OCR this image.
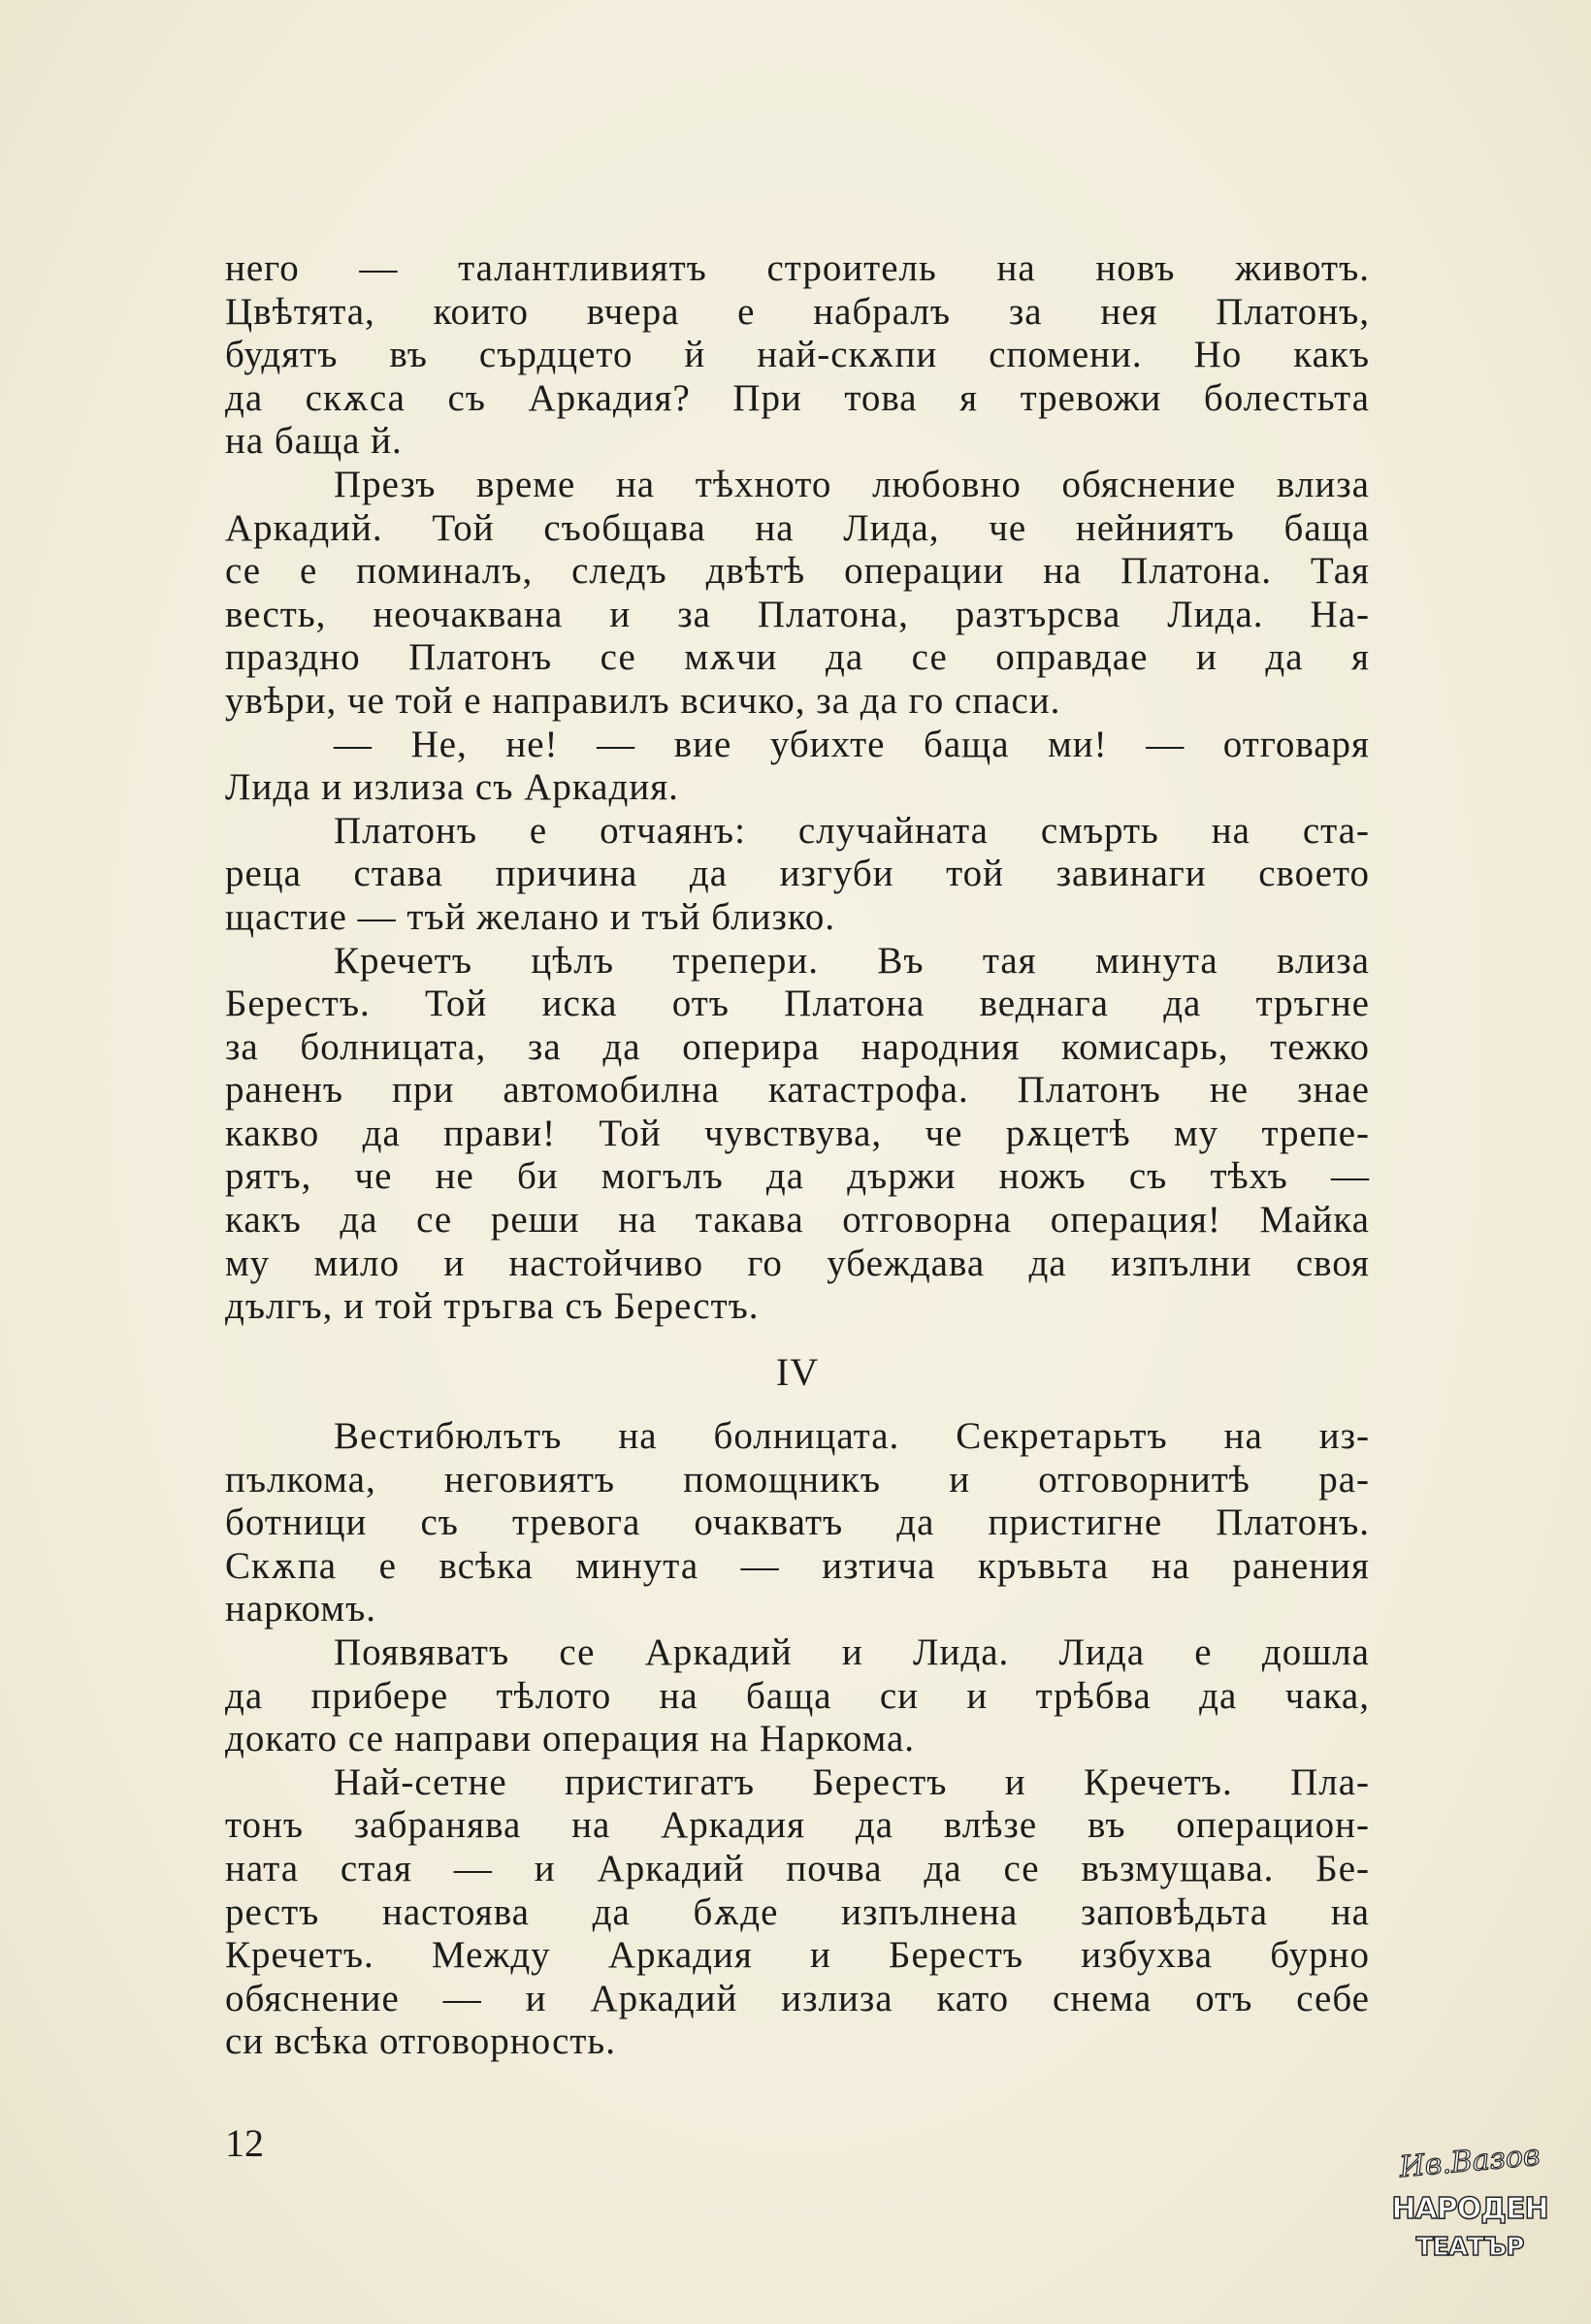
него — талантливиятъ строитель на новъ животъ.
Цвѣтята, които вчера е набралъ за нея Платонъ,
будятъ въ сърдцето й най-скѫпи спомени. Но какъ
да скѫса съ Аркадия? При това я тревожи болестьта
на баща й.
Презъ време на тѣхното любовно обяснение влиза
Аркадий. Той съобщава на Лида, че нейниятъ баща
се е поминалъ, следъ двѣтѣ операции на Платона. Тая
весть, неочаквана и за Платона, разтърсва Лида. На-
праздно Платонъ се мѫчи да се оправдае и да я
увѣри, че той е направилъ всичко, за да го спаси.
— Не, не! — вие убихте баща ми! — отговаря
Лида и излиза съ Аркадия.
Платонъ е отчаянъ: случайната смърть на ста-
реца става причина да изгуби той завинаги своето
щастие — тъй желано и тъй близко.
Кречетъ цѣлъ трепери. Въ тая минута влиза
Берестъ. Той иска отъ Платона веднага да тръгне
за болницата, за да оперира народния комисарь, тежко
раненъ при автомобилна катастрофа. Платонъ не знае
какво да прави! Той чувствува, че рѫцетѣ му трепе-
рятъ, че не би могълъ да държи ножъ съ тѣхъ —
какъ да се реши на такава отговорна операция! Майка
му мило и настойчиво го убеждава да изпълни своя
дългъ, и той тръгва съ Берестъ.
IV
Вестибюлътъ на болницата. Секретарьтъ на из-
пълкома, неговиятъ помощникъ и отговорнитѣ ра-
ботници съ тревога очакватъ да пристигне Платонъ.
Скѫпа е всѣка минута — изтича кръвьта на ранения
наркомъ.
Появяватъ се Аркадий и Лида. Лида е дошла
да прибере тѣлото на баща си и трѣбва да чака,
докато се направи операция на Наркома.
Най-сетне пристигатъ Берестъ и Кречетъ. Пла-
тонъ забранява на Аркадия да влѣзе въ операцион-
ната стая — и Аркадий почва да се възмущава. Бе-
рестъ настоява да бѫде изпълнена заповѣдьта на
Кречетъ. Между Аркадия и Берестъ избухва бурно
обяснение — и Аркадий излиза като снема отъ себе
си всѣка отговорность.
12	Ив.Вазов
НАРОДЕН
ТЕАТЪР
